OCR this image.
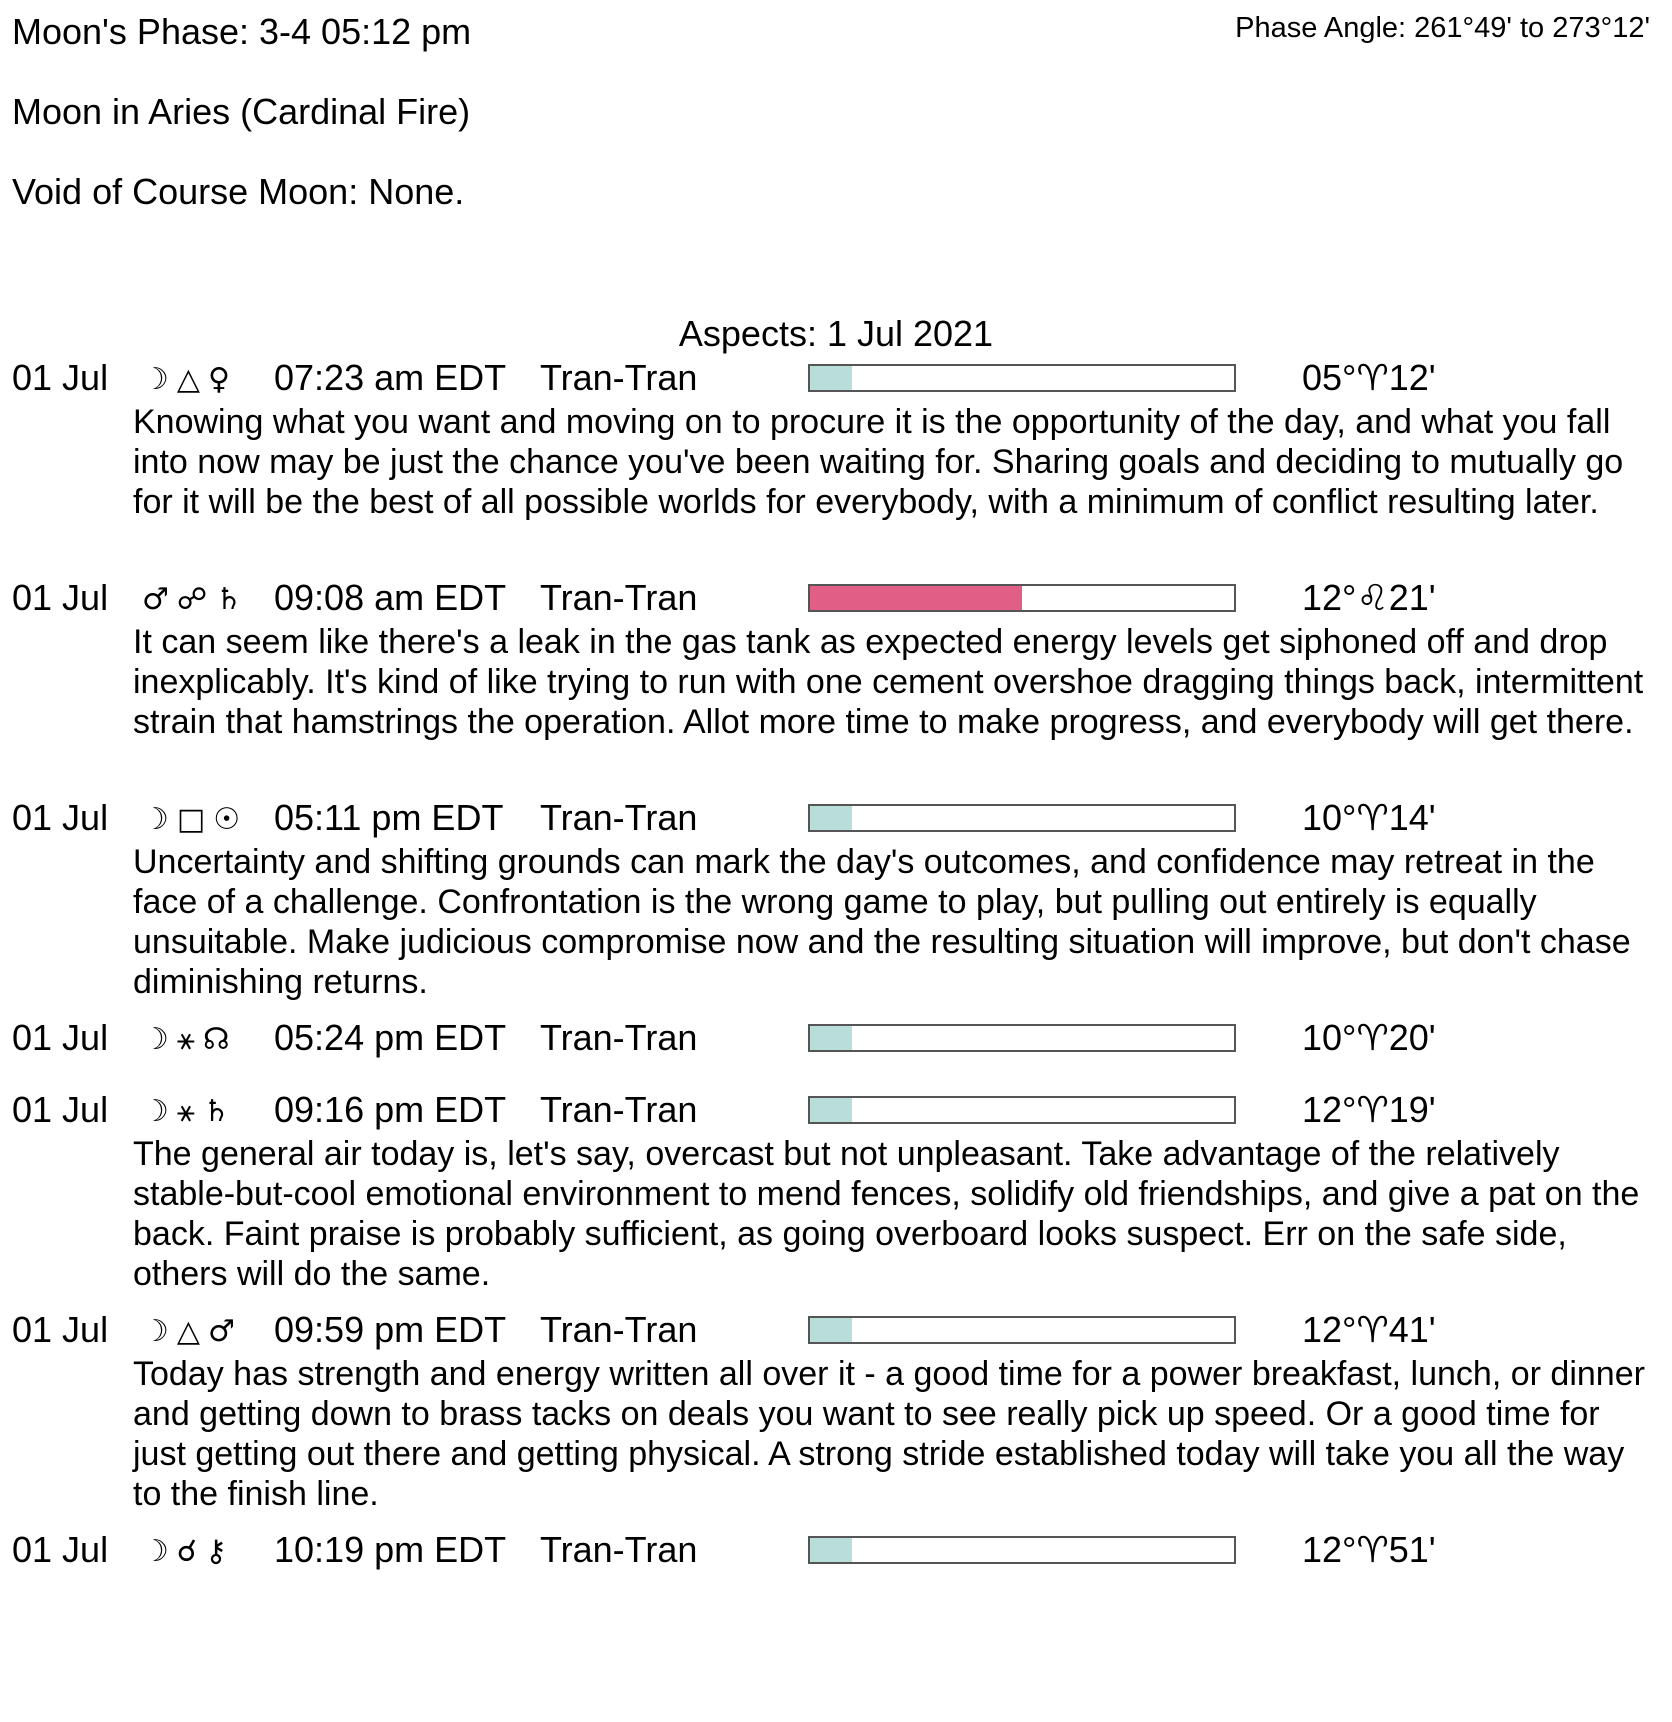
Moon's Phase: 3-4 05:12 pm	Phase Angle: 261°49' to 273°12'
Moon in Aries (Cardinal Fire)
Void of Course Moon: None.
Aspects: 1 Jul 2021
01 Jul ☽△♀ 07:23 am EDT Tran-Tran	05°♈12'

Knowing what you want and moving on to procure it is the opportunity of the day, and what you fall into now may be just the chance you've been waiting for. Sharing goals and deciding to mutually go for it will be the best of all possible worlds for everybody, with a minimum of conflict resulting later.

01 Jul ♂☍♄ 09:08 am EDT Tran-Tran	12°♌21'

It can seem like there's a leak in the gas tank as expected energy levels get siphoned off and drop inexplicably. It's kind of like trying to run with one cement overshoe dragging things back, intermittent strain that hamstrings the operation. Allot more time to make progress, and everybody will get there.

01 Jul ☽□☉ 05:11 pm EDT Tran-Tran	10°♈14'

Uncertainty and shifting grounds can mark the day's outcomes, and confidence may retreat in the face of a challenge. Confrontation is the wrong game to play, but pulling out entirely is equally unsuitable. Make judicious compromise now and the resulting situation will improve, but don't chase diminishing returns.

01 Jul ☽⚹☊ 05:24 pm EDT Tran-Tran	10°♈20'
01 Jul ☽⚹♄ 09:16 pm EDT Tran-Tran	12°♈19'

The general air today is, let's say, overcast but not unpleasant. Take advantage of the relatively stable-but-cool emotional environment to mend fences, solidify old friendships, and give a pat on the back. Faint praise is probably sufficient, as going overboard looks suspect. Err on the safe side, others will do the same.

01 Jul ☽△♂ 09:59 pm EDT Tran-Tran	12°♈41'

Today has strength and energy written all over it - a good time for a power breakfast, lunch, or dinner and getting down to brass tacks on deals you want to see really pick up speed. Or a good time for just getting out there and getting physical. A strong stride established today will take you all the way to the finish line.

01 Jul ☽☌⚷ 10:19 pm EDT Tran-Tran	12°♈51'
